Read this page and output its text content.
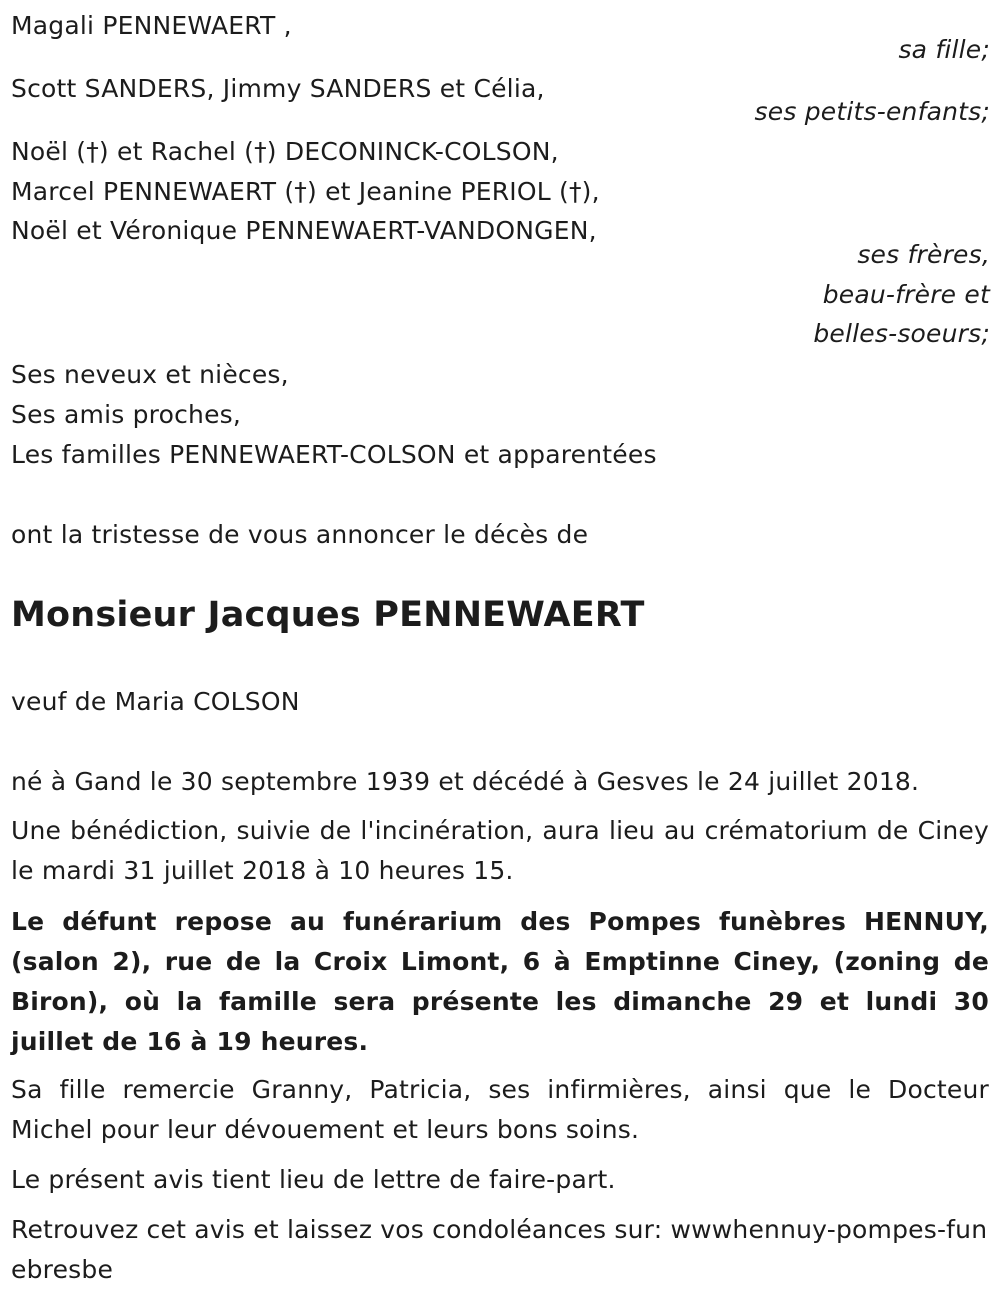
Magali PENNEWAERT ,
sa fille;
Scott SANDERS, Jimmy SANDERS et Célia,
ses petits-enfants;
Noël (†) et Rachel (†) DECONINCK-COLSON,
Marcel PENNEWAERT (†) et Jeanine PERIOL (†),
Noël et Véronique PENNEWAERT-VANDONGEN,
ses frères,
beau-frère et
belles-soeurs;
Ses neveux et nièces,
Ses amis proches,
Les familles PENNEWAERT-COLSON et apparentées
ont la tristesse de vous annoncer le décès de
Monsieur Jacques PENNEWAERT
veuf de Maria COLSON
né à Gand le 30 septembre 1939 et décédé à Gesves le 24 juillet 2018.
Une bénédiction, suivie de l'incinération, aura lieu au crématorium de Ciney le mardi 31 juillet 2018 à 10 heures 15.
Le défunt repose au funérarium des Pompes funèbres HENNUY, (salon 2), rue de la Croix Limont, 6 à Emptinne Ciney, (zoning de Biron), où la famille sera présente les dimanche 29 et lundi 30 juillet de 16 à 19 heures.
Sa fille remercie Granny, Patricia, ses infirmières, ainsi que le Docteur Michel pour leur dévouement et leurs bons soins.
Le présent avis tient lieu de lettre de faire-part.
Retrouvez cet avis et laissez vos condoléances sur: wwwhennuy-pompes-funebresbe
